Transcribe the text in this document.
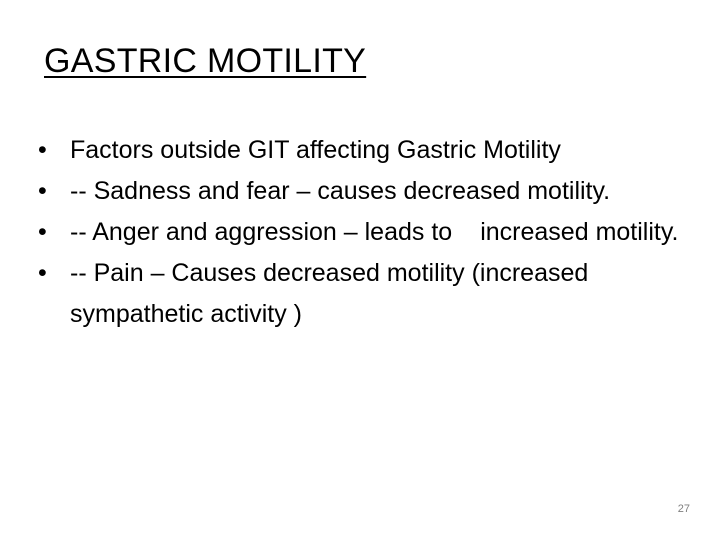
GASTRIC MOTILITY
• Factors outside GIT affecting Gastric Motility
• -- Sadness and fear – causes decreased motility.
• -- Anger and aggression – leads to increased motility.
• -- Pain – Causes decreased motility (increased sympathetic activity )
27
